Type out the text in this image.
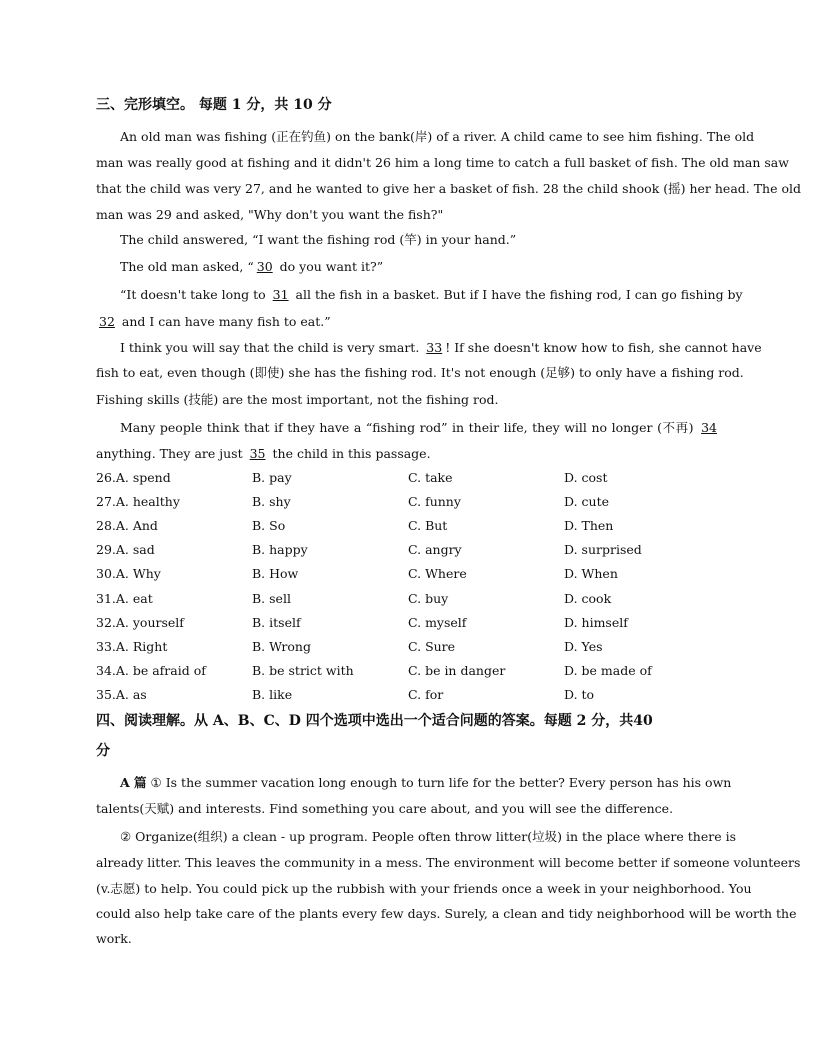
三、完形填空。 每题 1 分，共 10 分
An old man was fishing (正在钓鱼) on the bank(岸) of a river. A child came to see him fishing. The old
man was really good at fishing and it didn't 26 him a long time to catch a full basket of fish. The old man saw
that the child was very 27, and he wanted to give her a basket of fish. 28 the child shook (摇) her head. The old
man was 29 and asked, "Why don't you want the fish?"
The child answered, “I want the fishing rod (竿) in your hand.”
The old man asked, “ 30 do you want it?”
“It doesn't take long to 31 all the fish in a basket. But if I have the fishing rod, I can go fishing by
32 and I can have many fish to eat.”
I think you will say that the child is very smart. 33 ! If she doesn't know how to fish, she cannot have
fish to eat, even though (即使) she has the fishing rod. It's not enough (足够) to only have a fishing rod.
Fishing skills (技能) are the most important, not the fishing rod.
Many people think that if they have a “fishing rod” in their life, they will no longer (不再) 34
anything. They are just 35 the child in this passage.
26.A. spend	B. pay	C. take	D. cost
27.A. healthy	B. shy	C. funny	D. cute
28.A. And	B. So	C. But	D. Then
29.A. sad	B. happy	C. angry	D. surprised
30.A. Why	B. How	C. Where	D. When
31.A. eat	B. sell	C. buy	D. cook
32.A. yourself	B. itself	C. myself	D. himself
33.A. Right	B. Wrong	C. Sure	D. Yes
34.A. be afraid of	B. be strict with	C. be in danger	D. be made of
35.A. as	B. like	C. for	D. to
四、阅读理解。从 A、B、C、D 四个选项中选出一个适合问题的答案。每题 2 分，共40
分
A 篇 ① Is the summer vacation long enough to turn life for the better? Every person has his own
talents(天赋) and interests. Find something you care about, and you will see the difference.
② Organize(组织) a clean - up program. People often throw litter(垃圾) in the place where there is
already litter. This leaves the community in a mess. The environment will become better if someone volunteers
(v.志愿) to help. You could pick up the rubbish with your friends once a week in your neighborhood. You
could also help take care of the plants every few days. Surely, a clean and tidy neighborhood will be worth the
work.
